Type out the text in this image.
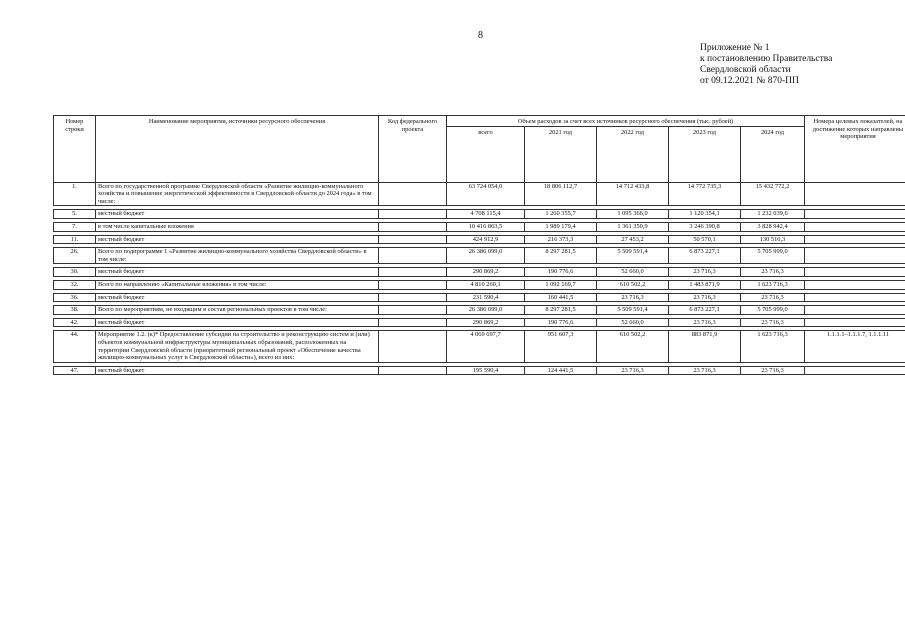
8
Приложение № 1
к постановлению Правительства
Свердловской области
от 09.12.2021 № 870-ПП
Номер строки	Наименование мероприятия, источники ресурсного обеспечения	Код федерального проекта	Объем расходов за счет всех источников ресурсного обеспечения (тыс. рублей)					Номера целевых показателей, на достижение которых направлены мероприятия
			всего	2021 год	2022 год	2023 год	2024 год	
1.	Всего по государственной программе Свердловской области «Развитие жилищно-коммунального хозяйства и повышение энергетической эффективности в Свердловской области до 2024 года» в том числе:		63 724 054,0	18 806 112,7	14 712 433,8	14 772 735,3	15 432 772,2	

5.	местный бюджет		4 708 115,4	1 260 355,7	1 095 366,0	1 120 354,1	1 232 039,6	

7.	в том числе капитальные вложения		10 416 863,5	1 989 179,4	1 361 350,9	3 246 390,8	3 828 942,4	

11.	местный бюджет		424 912,9	216 373,3	27 453,2	50 570,1	130 516,3	

26.	Всего по подпрограмме 1 «Развитие жилищно-коммунального хозяйства Свердловской области» в том числе:		26 386 099,0	8 297 281,5	5 509 591,4	6 873 227,1	5 705 999,0	

30.	местный бюджет		290 869,2	190 776,6	52 660,0	23 716,3	23 716,3	

32.	Всего по направлению «Капитальные вложения» в том числе:		4 810 260,1	1 092 169,7	610 502,2	1 483 871,9	1 623 716,3	

36.	местный бюджет		231 590,4	160 441,5	23 716,3	23 716,3	23 716,3	

38.	Всего по мероприятиям, не входящим в состав региональных проектов в том числе:		26 386 099,0	8 297 281,5	5 509 591,4	6 873 227,1	5 705 999,0	

42.	местный бюджет		290 869,2	190 776,6	52 660,0	23 716,3	23 716,3	

44.	Мероприятие 1.2. (к)* Предоставление субсидии на строительство и реконструкцию систем и (или) объектов коммунальной инфраструктуры муниципальных образований, расположенных на территории Свердловской области (приоритетный региональный проект «Обеспечение качества жилищно-коммунальных услуг в Свердловской области»), всего из них:		4 069 697,7	951 607,3	610 502,2	883 871,9	1 623 716,3	1.1.1.1–1.1.1.7, 1.1.1.11

47.	местный бюджет		195 590,4	124 441,5	23 716,3	23 716,3	23 716,3	
